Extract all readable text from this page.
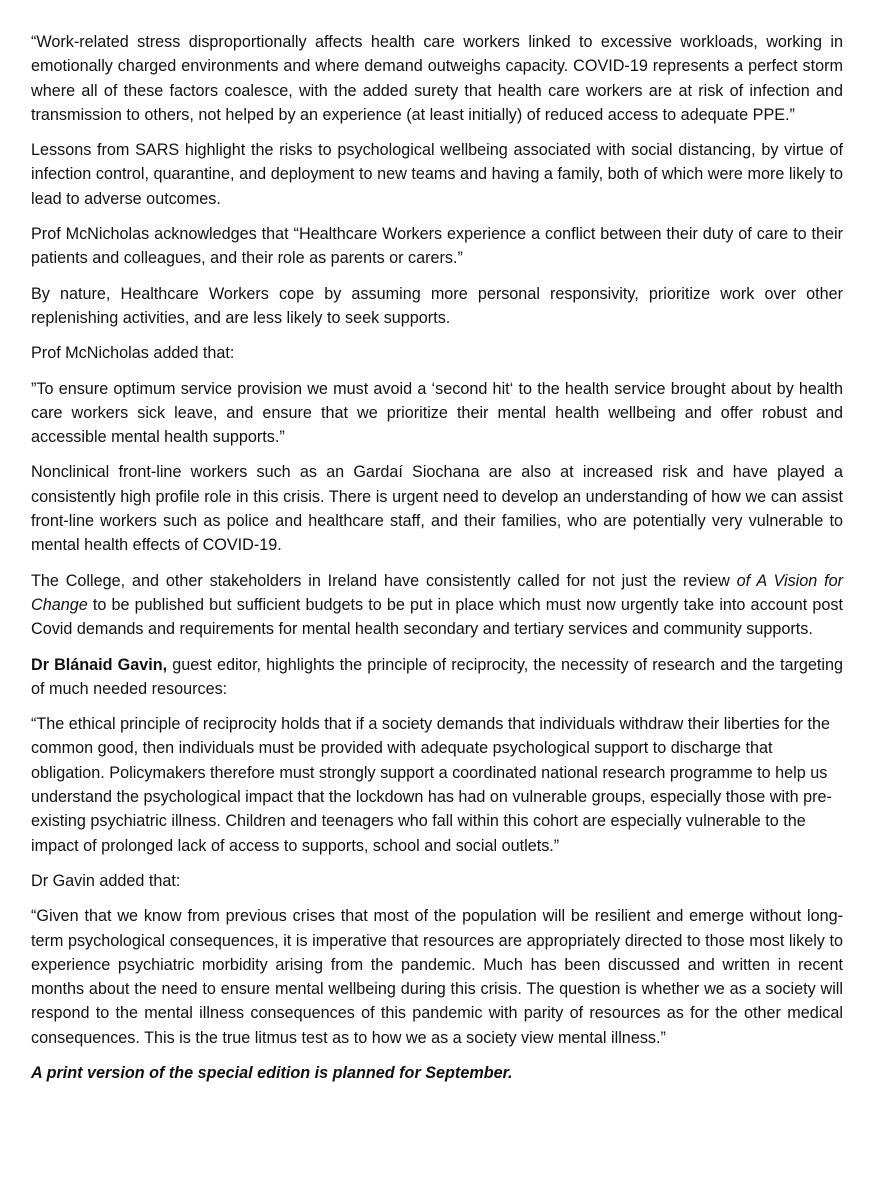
“Work-related stress disproportionally affects health care workers linked to excessive workloads, working in emotionally charged environments and where demand outweighs capacity. COVID-19 represents a perfect storm where all of these factors coalesce, with the added surety that health care workers are at risk of infection and transmission to others, not helped by an experience (at least initially) of reduced access to adequate PPE.”

Lessons from SARS highlight the risks to psychological wellbeing associated with social distancing, by virtue of infection control, quarantine, and deployment to new teams and having a family, both of which were more likely to lead to adverse outcomes.

Prof McNicholas acknowledges that “Healthcare Workers experience a conflict between their duty of care to their patients and colleagues, and their role as parents or carers.”

By nature, Healthcare Workers cope by assuming more personal responsivity, prioritize work over other replenishing activities, and are less likely to seek supports.

Prof McNicholas added that:

”To ensure optimum service provision we must avoid a ‘second hit‘ to the health service brought about by health care workers sick leave, and ensure that we prioritize their mental health wellbeing and offer robust and accessible mental health supports.”

Nonclinical front-line workers such as an Gardaí Siochana are also at increased risk and have played a consistently high profile role in this crisis. There is urgent need to develop an understanding of how we can assist front-line workers such as police and healthcare staff, and their families, who are potentially very vulnerable to mental health effects of COVID-19.

The College, and other stakeholders in Ireland have consistently called for not just the review of A Vision for Change to be published but sufficient budgets to be put in place which must now urgently take into account post Covid demands and requirements for mental health secondary and tertiary services and community supports.

Dr Blánaid Gavin, guest editor, highlights the principle of reciprocity, the necessity of research and the targeting of much needed resources:

“The ethical principle of reciprocity holds that if a society demands that individuals withdraw their liberties for the common good, then individuals must be provided with adequate psychological support to discharge that obligation. Policymakers therefore must strongly support a coordinated national research programme to help us understand the psychological impact that the lockdown has had on vulnerable groups, especially those with pre-existing psychiatric illness. Children and teenagers who fall within this cohort are especially vulnerable to the impact of prolonged lack of access to supports, school and social outlets.”

Dr Gavin added that:

“Given that we know from previous crises that most of the population will be resilient and emerge without long-term psychological consequences, it is imperative that resources are appropriately directed to those most likely to experience psychiatric morbidity arising from the pandemic. Much has been discussed and written in recent months about the need to ensure mental wellbeing during this crisis. The question is whether we as a society will respond to the mental illness consequences of this pandemic with parity of resources as for the other medical consequences. This is the true litmus test as to how we as a society view mental illness.”

A print version of the special edition is planned for September.
